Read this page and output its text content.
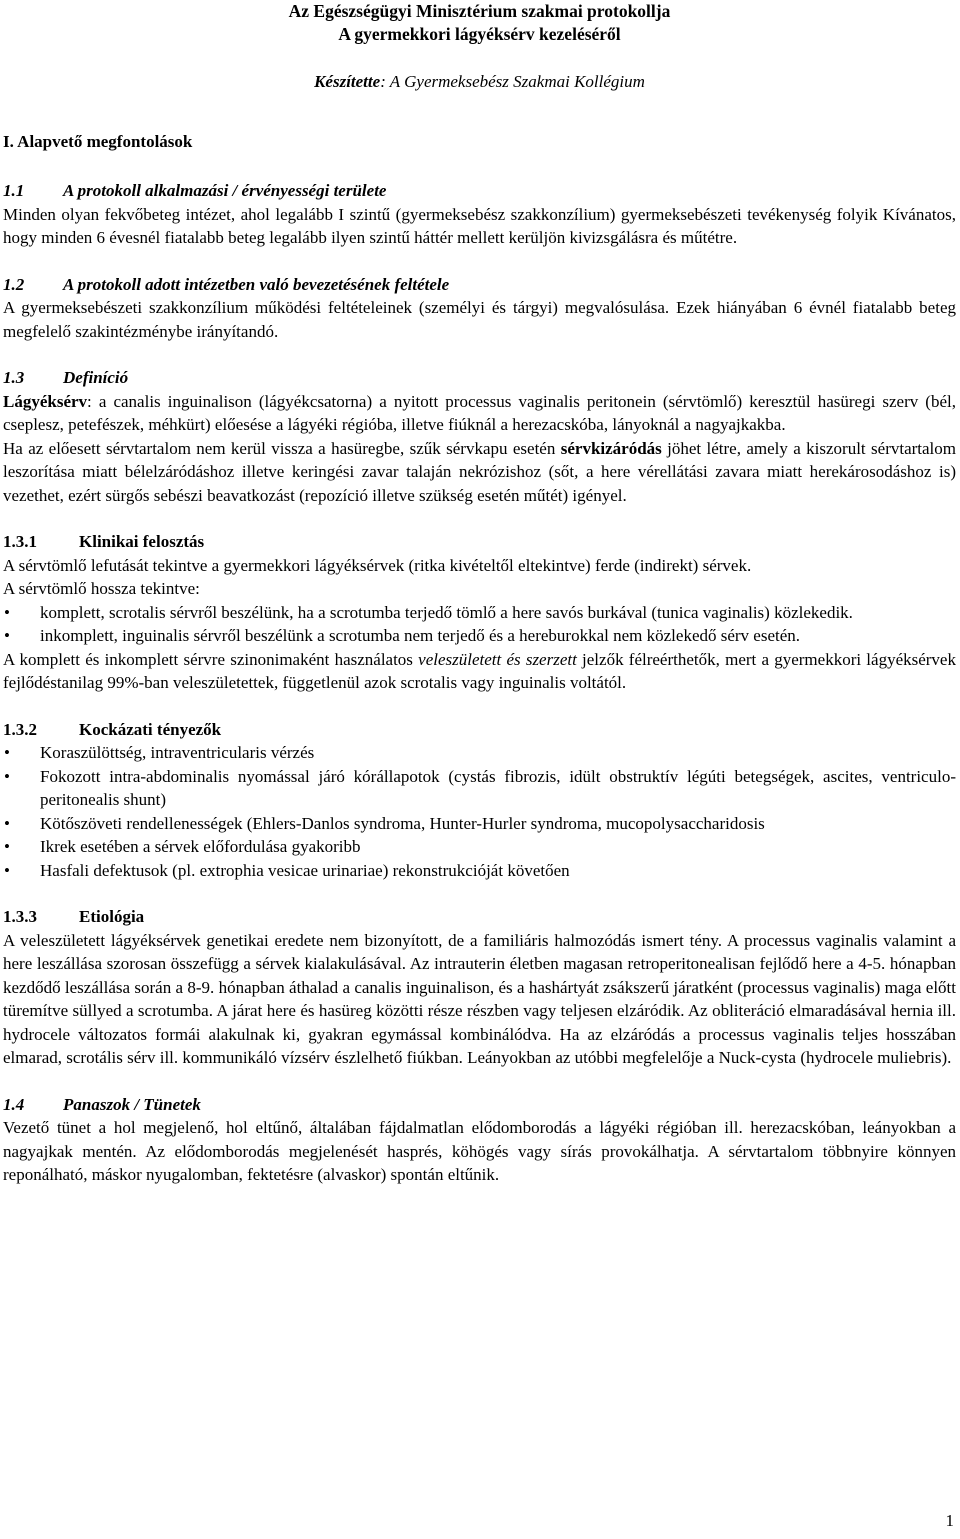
Az Egészségügyi Minisztérium szakmai protokollja
A gyermekkori lágyéksérv kezeléséről
Készítette: A Gyermeksebész Szakmai Kollégium
I. Alapvető megfontolások
1.1 A protokoll alkalmazási / érvényességi területe

Minden olyan fekvőbeteg intézet, ahol legalább I szintű (gyermeksebész szakkonzílium) gyermeksebészeti tevékenység folyik Kívánatos, hogy minden 6 évesnél fiatalabb beteg legalább ilyen szintű háttér mellett kerüljön kivizsgálásra és műtétre.

1.2 A protokoll adott intézetben való bevezetésének feltétele

A gyermeksebészeti szakkonzílium működési feltételeinek (személyi és tárgyi) megvalósulása. Ezek hiányában 6 évnél fiatalabb beteg megfelelő szakintézménybe irányítandó.

1.3 Definíció

Lágyéksérv: a canalis inguinalison (lágyékcsatorna) a nyitott processus vaginalis peritonein (sérvtömlő) keresztül hasüregi szerv (bél, cseplesz, petefészek, méhkürt) előesése a lágyéki régióba, illetve fiúknál a herezacskóba, lányoknál a nagyajkakba.

Ha az előesett sérvtartalom nem kerül vissza a hasüregbe, szűk sérvkapu esetén sérvkizáródás jöhet létre, amely a kiszorult sérvtartalom leszorítása miatt bélelzáródáshoz illetve keringési zavar talaján nekrózishoz (sőt, a here vérellátási zavara miatt herekárosodáshoz is) vezethet, ezért sürgős sebészi beavatkozást (repozíció illetve szükség esetén műtét) igényel.

1.3.1 Klinikai felosztás

A sérvtömlő lefutását tekintve a gyermekkori lágyéksérvek (ritka kivételtől eltekintve) ferde (indirekt) sérvek.

A sérvtömlő hossza tekintve:

• komplett, scrotalis sérvről beszélünk, ha a scrotumba terjedő tömlő a here savós burkával (tunica vaginalis) közlekedik.
• inkomplett, inguinalis sérvről beszélünk a scrotumba nem terjedő és a hereburokkal nem közlekedő sérv esetén.

A komplett és inkomplett sérvre szinonimaként használatos veleszületett és szerzett jelzők félreérthetők, mert a gyermekkori lágyéksérvek fejlődéstanilag 99%-ban veleszületettek, függetlenül azok scrotalis vagy inguinalis voltától.

1.3.2 Kockázati tényezők
• Koraszülöttség, intraventricularis vérzés
• Fokozott intra-abdominalis nyomással járó kórállapotok (cystás fibrozis, idült obstruktív légúti betegségek, ascites, ventriculo-peritonealis shunt)
• Kötőszöveti rendellenességek (Ehlers-Danlos syndroma, Hunter-Hurler syndroma, mucopolysaccharidosis
• Ikrek esetében a sérvek előfordulása gyakoribb
• Hasfali defektusok (pl. extrophia vesicae urinariae) rekonstrukcióját követően
1.3.3 Etiológia

A veleszületett lágyéksérvek genetikai eredete nem bizonyított, de a familiáris halmozódás ismert tény. A processus vaginalis valamint a here leszállása szorosan összefügg a sérvek kialakulásával. Az intrauterin életben magasan retroperitonealisan fejlődő here a 4-5. hónapban kezdődő leszállása során a 8-9. hónapban áthalad a canalis inguinalison, és a hashártyát zsákszerű járatként (processus vaginalis) maga előtt türemítve süllyed a scrotumba. A járat here és hasüreg közötti része részben vagy teljesen elzáródik. Az obliteráció elmaradásával hernia ill. hydrocele változatos formái alakulnak ki, gyakran egymással kombinálódva. Ha az elzáródás a processus vaginalis teljes hosszában elmarad, scrotális sérv ill. kommunikáló vízsérv észlelhető fiúkban. Leányokban az utóbbi megfelelője a Nuck-cysta (hydrocele muliebris).

1.4 Panaszok / Tünetek

Vezető tünet a hol megjelenő, hol eltűnő, általában fájdalmatlan elődomborodás a lágyéki régióban ill. herezacskóban, leányokban a nagyajkak mentén. Az elődomborodás megjelenését hasprés, köhögés vagy sírás provokálhatja. A sérvtartalom többnyire könnyen reponálható, máskor nyugalomban, fektetésre (alvaskor) spontán eltűnik.

1
